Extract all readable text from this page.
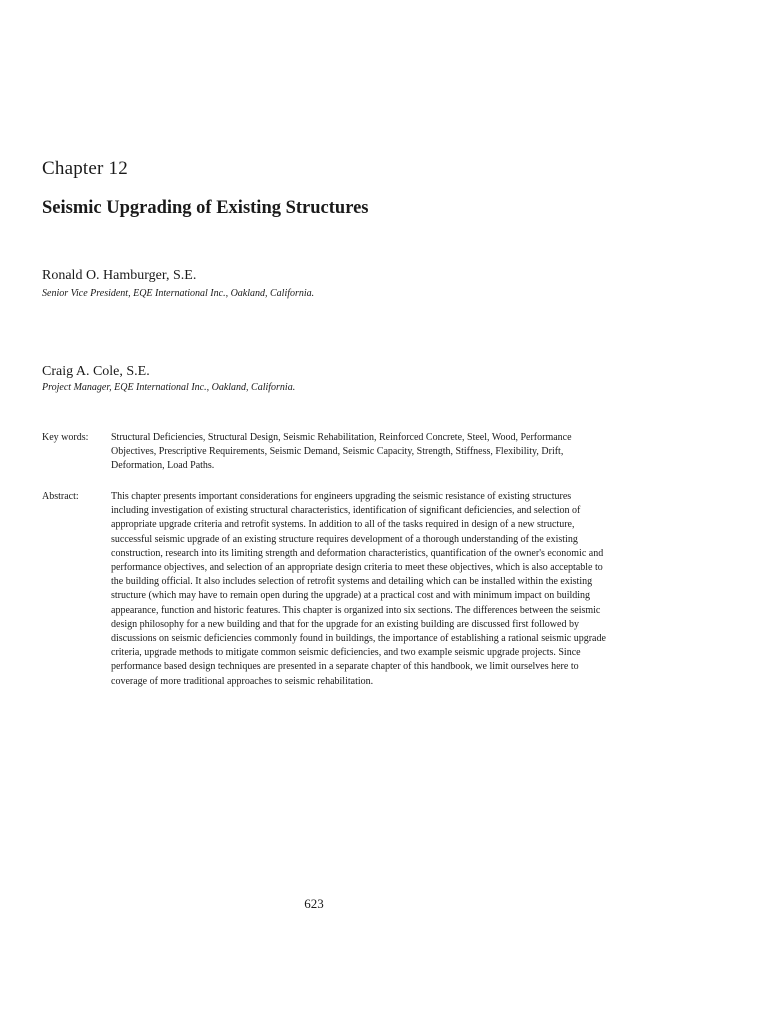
Chapter 12
Seismic Upgrading of Existing Structures
Ronald O. Hamburger, S.E.
Senior Vice President, EQE International Inc., Oakland, California.
Craig A. Cole, S.E.
Project Manager, EQE International Inc., Oakland, California.
Key words: Structural Deficiencies, Structural Design, Seismic Rehabilitation, Reinforced Concrete, Steel, Wood, Performance Objectives, Prescriptive Requirements, Seismic Demand, Seismic Capacity, Strength, Stiffness, Flexibility, Drift, Deformation, Load Paths.
Abstract:	This chapter presents important considerations for engineers upgrading the seismic resistance of existing structures including investigation of existing structural characteristics, identification of significant deficiencies, and selection of appropriate upgrade criteria and retrofit systems. In addition to all of the tasks required in design of a new structure, successful seismic upgrade of an existing structure requires development of a thorough understanding of the existing construction, research into its limiting strength and deformation characteristics, quantification of the owner's economic and performance objectives, and selection of an appropriate design criteria to meet these objectives, which is also acceptable to the building official. It also includes selection of retrofit systems and detailing which can be installed within the existing structure (which may have to remain open during the upgrade) at a practical cost and with minimum impact on building appearance, function and historic features. This chapter is organized into six sections. The differences between the seismic design philosophy for a new building and that for the upgrade for an existing building are discussed first followed by discussions on seismic deficiencies commonly found in buildings, the importance of establishing a rational seismic upgrade criteria, upgrade methods to mitigate common seismic deficiencies, and two example seismic upgrade projects. Since performance based design techniques are presented in a separate chapter of this handbook, we limit ourselves here to coverage of more traditional approaches to seismic rehabilitation.
623
